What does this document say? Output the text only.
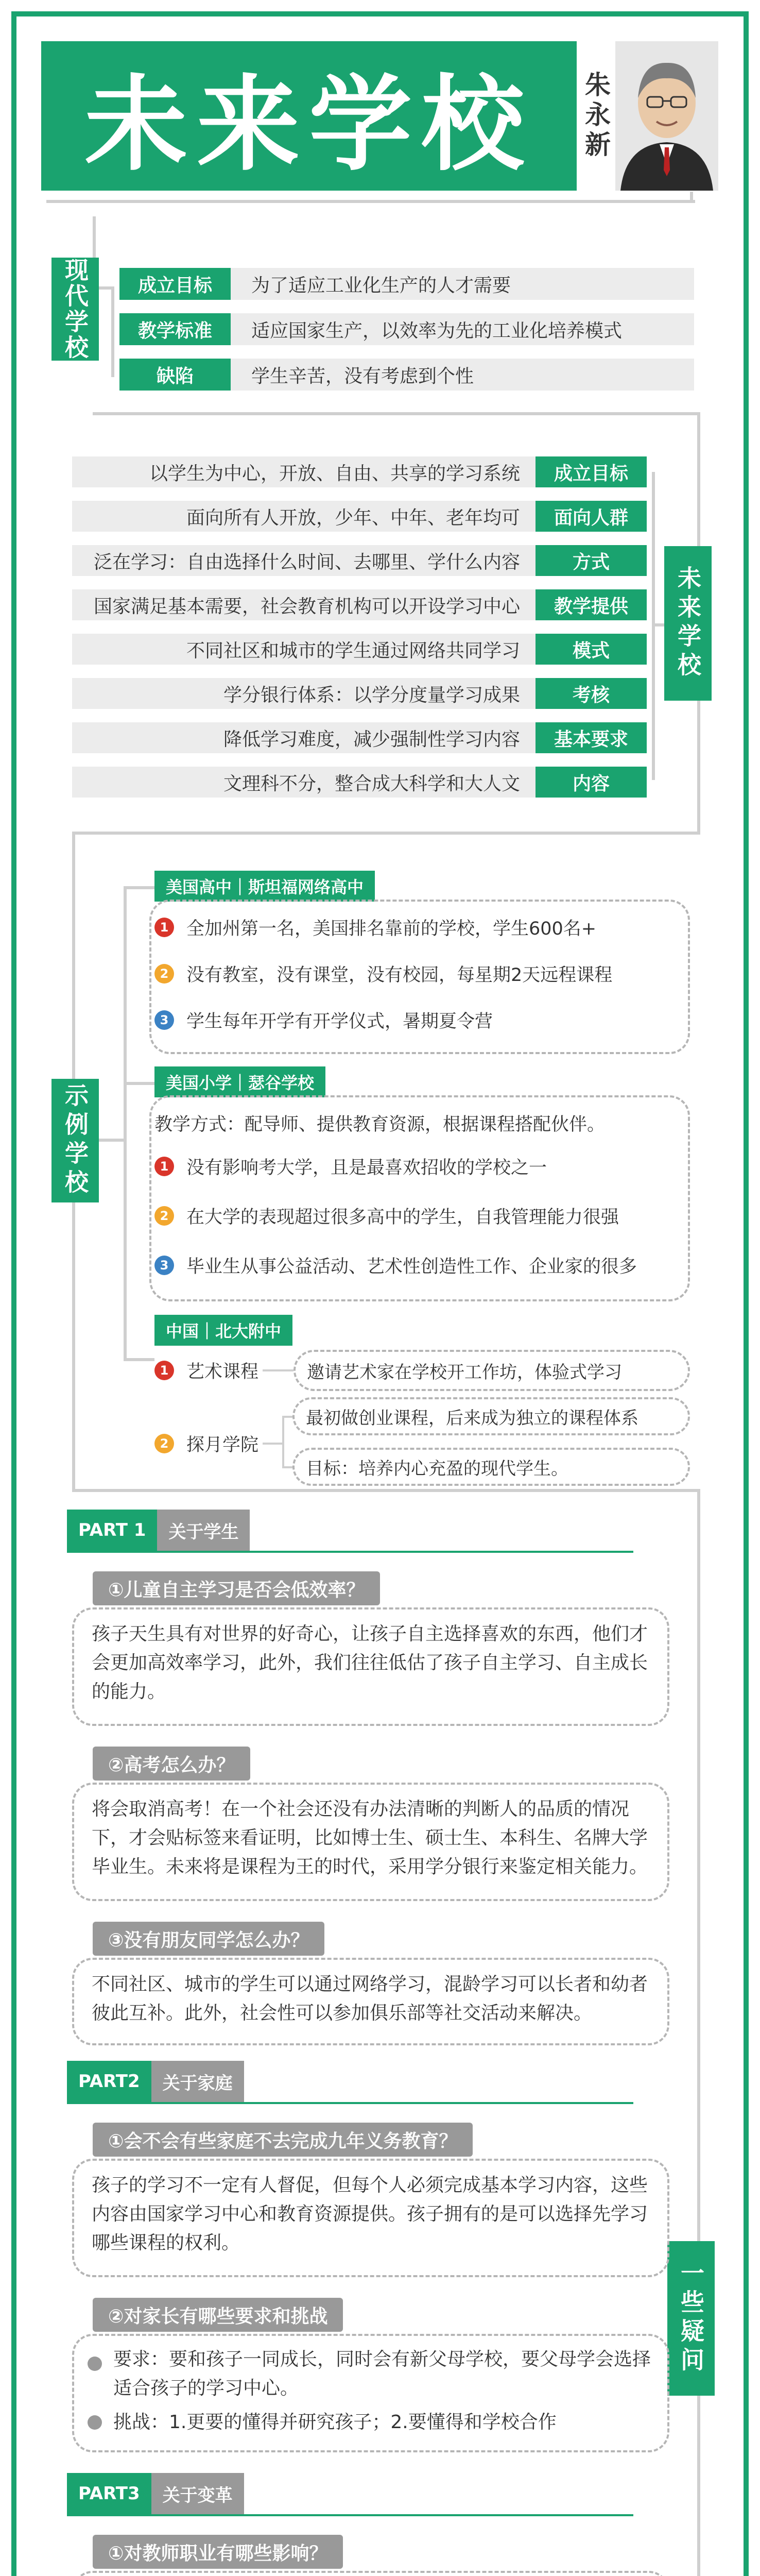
未来学校	朱永新
现代学校	成立目标 为了适应工业化生产的人才需要
教学标准 适应国家生产，以效率为先的工业化培养模式
缺陷	学生辛苦，没有考虑到个性
未来学校
以学生为中心，开放、自由、共享的学习系统 成立目标
面向所有人开放，少年、中年、老年均可 面向人群
泛在学习：自由选择什么时间、去哪里、学什么内容	方式
国家满足基本需要，社会教育机构可以开设学习中心 教学提供
不同社区和城市的学生通过网络共同学习	模式
学分银行体系：以学分度量学习成果	考核
降低学习难度，减少强制性学习内容 基本要求
文理科不分，整合成大科学和大人文	内容
示例学校
美国高中｜斯坦福网络高中
1 全加州第一名，美国排名靠前的学校，学生600名+
2 没有教室，没有课堂，没有校园，每星期2天远程课程
3 学生每年开学有开学仪式，暑期夏令营
美国小学｜瑟谷学校
教学方式：配导师、提供教育资源，根据课程搭配伙伴。
1 没有影响考大学，且是最喜欢招收的学校之一
2 在大学的表现超过很多高中的学生，自我管理能力很强
3 毕业生从事公益活动、艺术性创造性工作、企业家的很多
中国｜北大附中
1 艺术课程	邀请艺术家在学校开工作坊，体验式学习
2 探月学院
最初做创业课程，后来成为独立的课程体系
目标：培养内心充盈的现代学生。
一些疑问
PART 1	关于学生
①儿童自主学习是否会低效率？
孩子天生具有对世界的好奇心，让孩子自主选择喜欢的东西，他们才会更加高效率学习，此外，我们往往低估了孩子自主学习、自主成长的能力。
②高考怎么办？
将会取消高考！在一个社会还没有办法清晰的判断人的品质的情况下，才会贴标签来看证明，比如博士生、硕士生、本科生、名牌大学毕业生。未来将是课程为王的时代，采用学分银行来鉴定相关能力。
③没有朋友同学怎么办？
不同社区、城市的学生可以通过网络学习，混龄学习可以长者和幼者彼此互补。此外，社会性可以参加俱乐部等社交活动来解决。
PART2	关于家庭
①会不会有些家庭不去完成九年义务教育？
孩子的学习不一定有人督促，但每个人必须完成基本学习内容，这些内容由国家学习中心和教育资源提供。孩子拥有的是可以选择先学习哪些课程的权利。
②对家长有哪些要求和挑战
要求：要和孩子一同成长，同时会有新父母学校，要父母学会选择适合孩子的学习中心。
挑战：1.更要的懂得并研究孩子；2.要懂得和学校合作
PART3	关于变革
①对教师职业有哪些影响？
